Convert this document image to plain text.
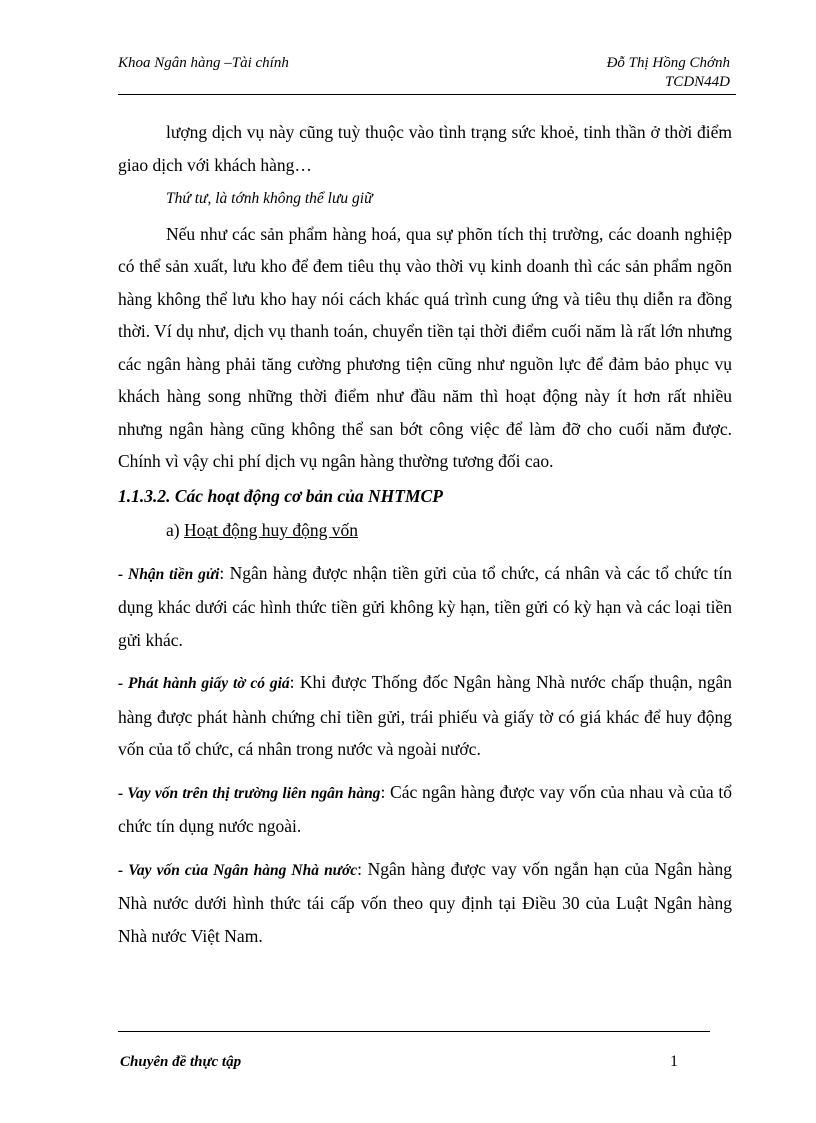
Khoa Ngân hàng –Tài chính	Đỗ Thị Hồng Chớnh
TCDN44D

lượng dịch vụ này cũng tuỳ thuộc vào tình trạng sức khoẻ, tinh thần ở thời điểm giao dịch với khách hàng…

Thứ tư, là tớnh không thể lưu giữ

Nếu như các sản phẩm hàng hoá, qua sự phõn tích thị trường, các doanh nghiệp có thể sản xuất, lưu kho để đem tiêu thụ vào thời vụ kinh doanh thì các sản phẩm ngõn hàng không thể lưu kho hay nói cách khác quá trình cung ứng và tiêu thụ diễn ra đồng thời. Ví dụ như, dịch vụ thanh toán, chuyển tiền tại thời điểm cuối năm là rất lớn nhưng các ngân hàng phải tăng cường phương tiện cũng như nguồn lực để đảm bảo phục vụ khách hàng song những thời điểm như đầu năm thì hoạt động này ít hơn rất nhiều nhưng ngân hàng cũng không thể san bớt công việc để làm đỡ cho cuối năm được. Chính vì vậy chi phí dịch vụ ngân hàng thường tương đối cao.

1.1.3.2. Các hoạt động cơ bản của NHTMCP

a) Hoạt động huy động vốn

- Nhận tiền gửi: Ngân hàng được nhận tiền gửi của tổ chức, cá nhân và các tổ chức tín dụng khác dưới các hình thức tiền gửi không kỳ hạn, tiền gửi có kỳ hạn và các loại tiền gửi khác.

- Phát hành giấy tờ có giá: Khi được Thống đốc Ngân hàng Nhà nước chấp thuận, ngân hàng được phát hành chứng chỉ tiền gửi, trái phiếu và giấy tờ có giá khác để huy động vốn của tổ chức, cá nhân trong nước và ngoài nước.

- Vay vốn trên thị trường liên ngân hàng: Các ngân hàng được vay vốn của nhau và của tổ chức tín dụng nước ngoài.

- Vay vốn của Ngân hàng Nhà nước: Ngân hàng được vay vốn ngắn hạn của Ngân hàng Nhà nước dưới hình thức tái cấp vốn theo quy định tại Điều 30 của Luật Ngân hàng Nhà nước Việt Nam.

Chuyên đề thực tập	1
